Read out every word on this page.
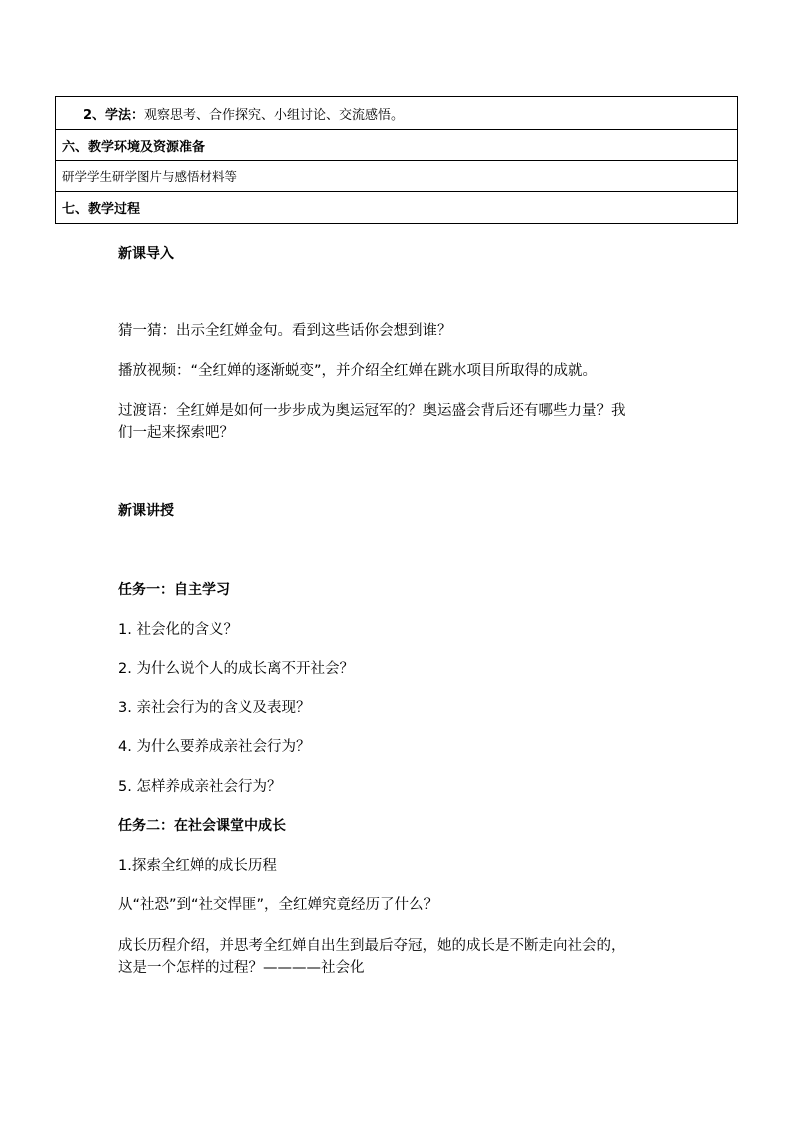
2、学法： 观察思考、合作探究、小组讨论、交流感悟。
六、教学环境及资源准备
研学学生研学图片与感悟材料等
七、教学过程
新课导入
猜一猜：出示全红婵金句。看到这些话你会想到谁？
播放视频：“全红婵的逐渐蜕变”，并介绍全红婵在跳水项目所取得的成就。
过渡语：全红婵是如何一步步成为奥运冠军的？奥运盛会背后还有哪些力量？我
们一起来探索吧？
新课讲授
任务一：自主学习
1. 社会化的含义？
2. 为什么说个人的成长离不开社会？
3. 亲社会行为的含义及表现？
4. 为什么要养成亲社会行为？
5. 怎样养成亲社会行为？
任务二：在社会课堂中成长
1.探索全红婵的成长历程
从“社恐”到“社交悍匪”，全红婵究竟经历了什么？
成长历程介绍，并思考全红婵自出生到最后夺冠，她的成长是不断走向社会的，
这是一个怎样的过程？————社会化
